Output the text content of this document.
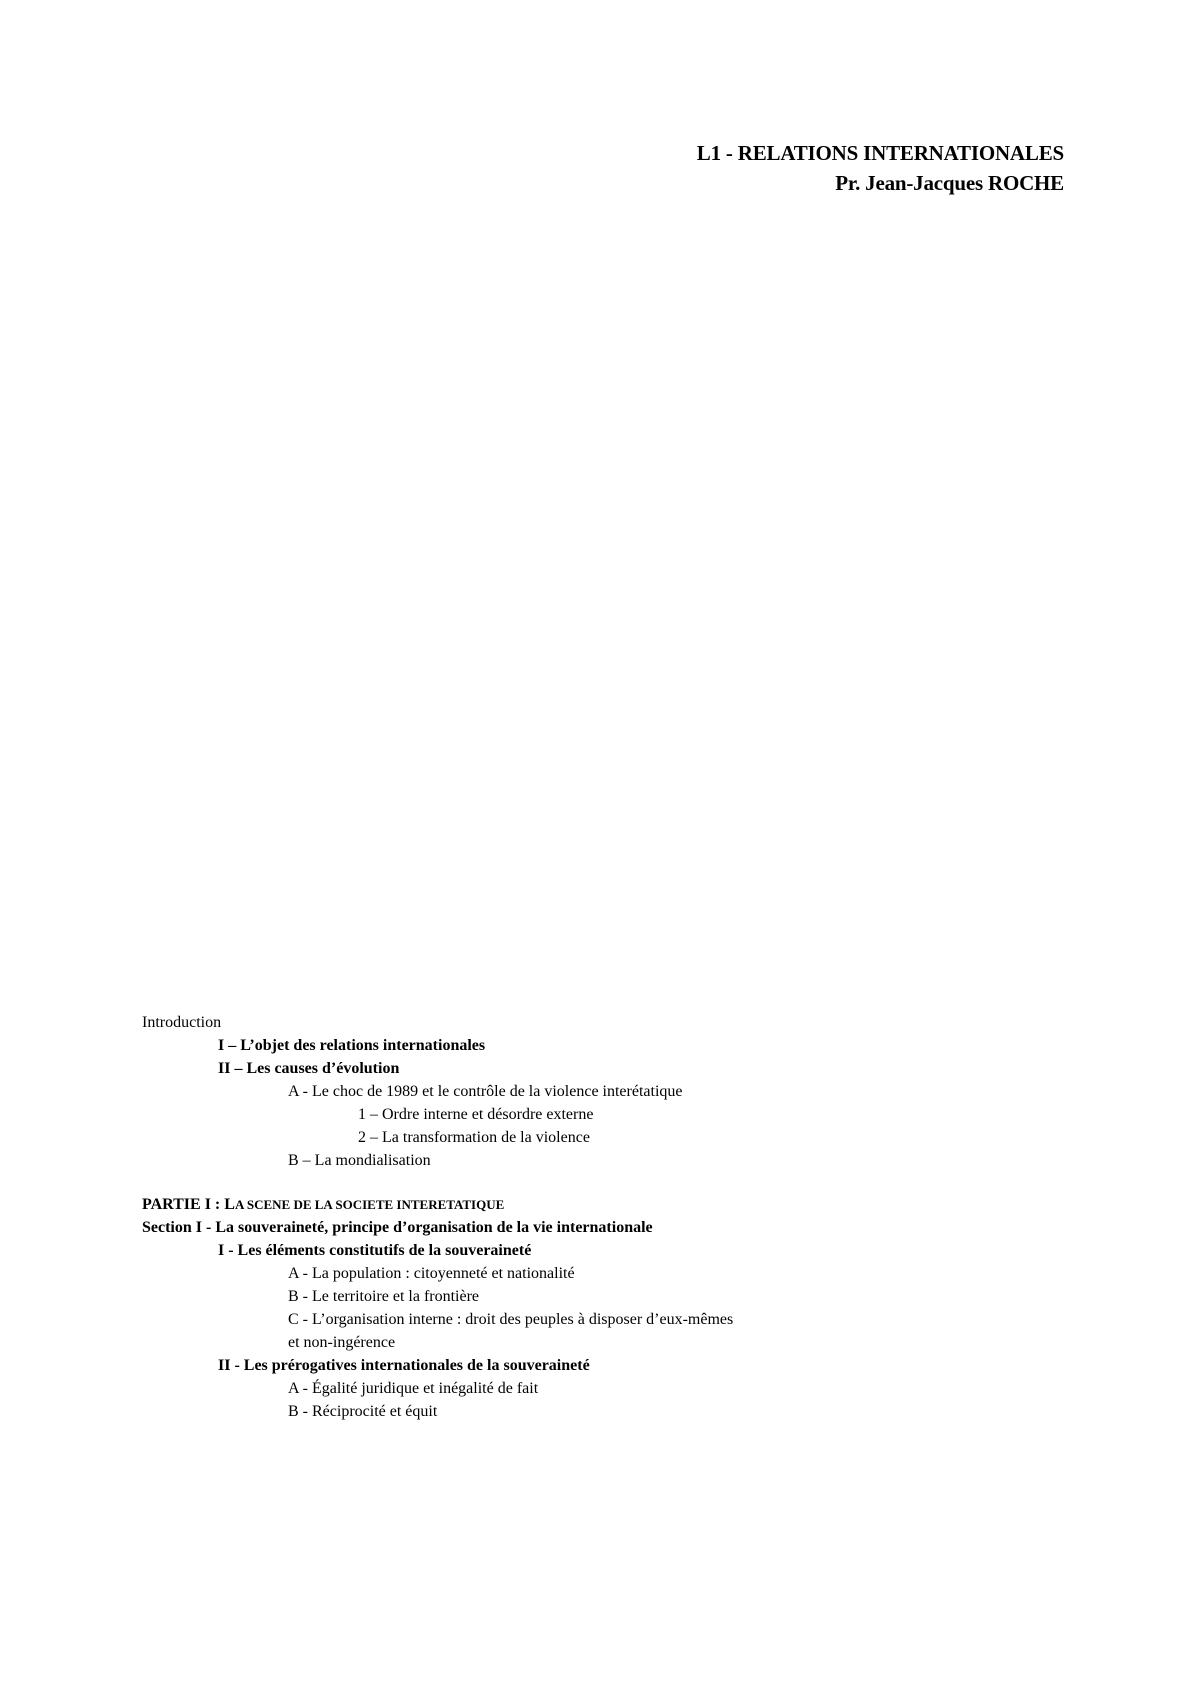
L1 - RELATIONS INTERNATIONALES
Pr. Jean-Jacques ROCHE
Introduction
I – L’objet des relations internationales
II – Les causes d’évolution
A - Le choc de 1989 et le contrôle de la violence interétatique
1 – Ordre interne et désordre externe
2 – La transformation de la violence
B – La mondialisation
PARTIE I : LA SCENE DE LA SOCIETE INTERETATIQUE
Section I - La souveraineté, principe d’organisation de la vie internationale
I - Les éléments constitutifs de la souveraineté
A - La population : citoyenneté et nationalité
B - Le territoire et la frontière
C - L’organisation interne : droit des peuples à disposer d’eux-mêmes
et non-ingérence
II - Les prérogatives internationales de la souveraineté
A - Égalité juridique et inégalité de fait
B - Réciprocité et équit
